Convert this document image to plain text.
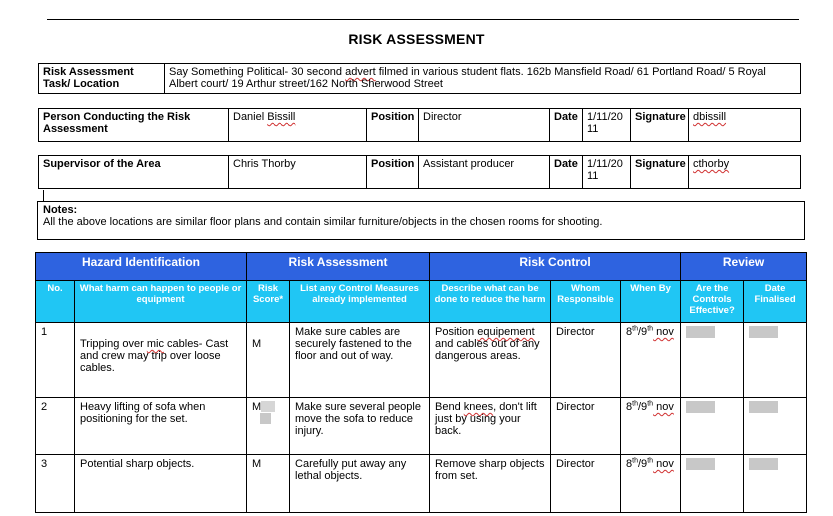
RISK ASSESSMENT
Risk Assessment Task/ Location	Say Something Political- 30 second advert filmed in various student flats. 162b Mansfield Road/ 61 Portland Road/ 5 Royal Albert court/ 19 Arthur street/162 North Sherwood Street
Person Conducting the Risk Assessment	Daniel Bissill	Position	Director	Date	1/11/2011	Signature	dbissill
Supervisor of the Area	Chris Thorby	Position	Assistant producer	Date	1/11/2011	Signature	cthorby
Notes:
All the above locations are similar floor plans and contain similar furniture/objects in the chosen rooms for shooting.
Hazard Identification		Risk Assessment		Risk Control			Review	
No.	What harm can happen to people or equipment	Risk Score*	List any Control Measures already implemented	Describe what can be done to reduce the harm	Whom Responsible	When By	Are the Controls Effective?	Date Finalised
1	Tripping over mic cables- Cast and crew may trip over loose cables.	M	Make sure cables are securely fastened to the floor and out of way.	Position equipement and cables out of any dangerous areas.	Director	8th/9th nov		
2	Heavy lifting of sofa when positioning for the set.	M	Make sure several people move the sofa to reduce injury.	Bend knees, don't lift just by using your back.	Director	8th/9th nov		
3	Potential sharp objects.	M	Carefully put away any lethal objects.	Remove sharp objects from set.	Director	8th/9th nov		
